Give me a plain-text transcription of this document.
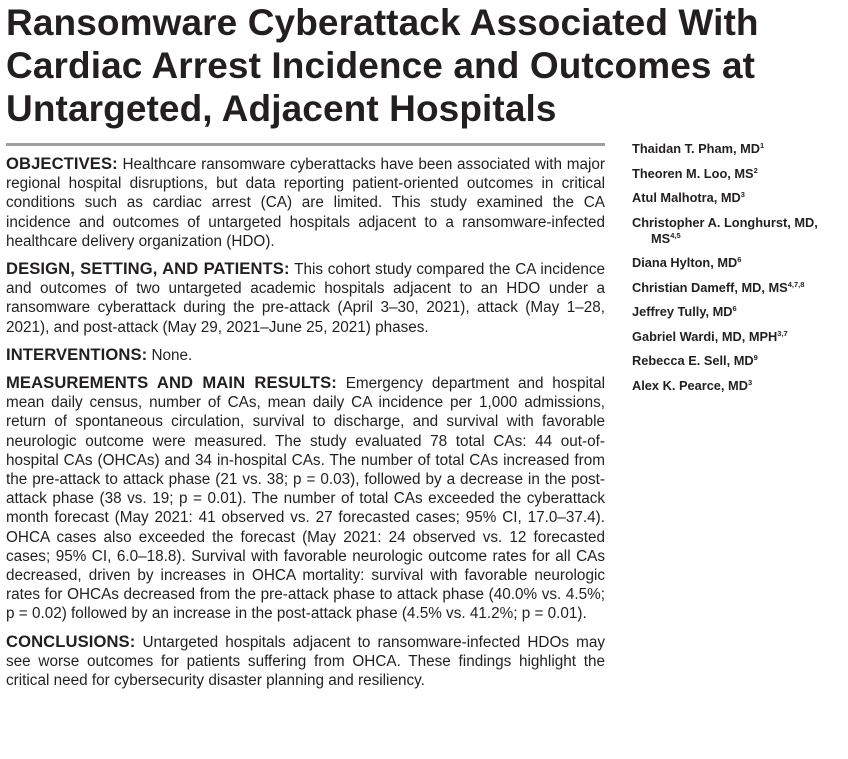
Ransomware Cyberattack Associated With Cardiac Arrest Incidence and Outcomes at Untargeted, Adjacent Hospitals

OBJECTIVES: Healthcare ransomware cyberattacks have been associated with major regional hospital disruptions, but data reporting patient-oriented outcomes in critical conditions such as cardiac arrest (CA) are limited. This study examined the CA incidence and outcomes of untargeted hospitals adjacent to a ransomware-infected healthcare delivery organization (HDO).

DESIGN, SETTING, AND PATIENTS: This cohort study compared the CA incidence and outcomes of two untargeted academic hospitals adjacent to an HDO under a ransomware cyberattack during the pre-attack (April 3–30, 2021), attack (May 1–28, 2021), and post-attack (May 29, 2021–June 25, 2021) phases.

INTERVENTIONS: None.

MEASUREMENTS AND MAIN RESULTS: Emergency department and hospital mean daily census, number of CAs, mean daily CA incidence per 1,000 admissions, return of spontaneous circulation, survival to discharge, and survival with favorable neurologic outcome were measured. The study evaluated 78 total CAs: 44 out-of-hospital CAs (OHCAs) and 34 in-hospital CAs. The number of total CAs increased from the pre-attack to attack phase (21 vs. 38; p = 0.03), followed by a decrease in the post-attack phase (38 vs. 19; p = 0.01). The number of total CAs exceeded the cyberattack month forecast (May 2021: 41 observed vs. 27 forecasted cases; 95% CI, 17.0–37.4). OHCA cases also exceeded the forecast (May 2021: 24 observed vs. 12 forecasted cases; 95% CI, 6.0–18.8). Survival with favorable neurologic outcome rates for all CAs decreased, driven by increases in OHCA mortality: survival with favorable neurologic rates for OHCAs decreased from the pre-attack phase to attack phase (40.0% vs. 4.5%; p = 0.02) followed by an increase in the post-attack phase (4.5% vs. 41.2%; p = 0.01).

CONCLUSIONS: Untargeted hospitals adjacent to ransomware-infected HDOs may see worse outcomes for patients suffering from OHCA. These findings highlight the critical need for cybersecurity disaster planning and resiliency.

Thaidan T. Pham, $MD^1$
Theoren M. Loo, $MS^2$
Atul Malhotra, $MD^3$
Christopher A. Longhurst, MD,
MS$^{4,5}$
Diana Hylton, $MD^6$
Christian Dameff, MD, MS$^{4,7,8}$
Jeffrey Tully, $MD^6$
Gabriel Wardi, MD, MPH$^{3,7}$
Rebecca E. Sell, $MD^9$
Alex K. Pearce, $MD^3$
